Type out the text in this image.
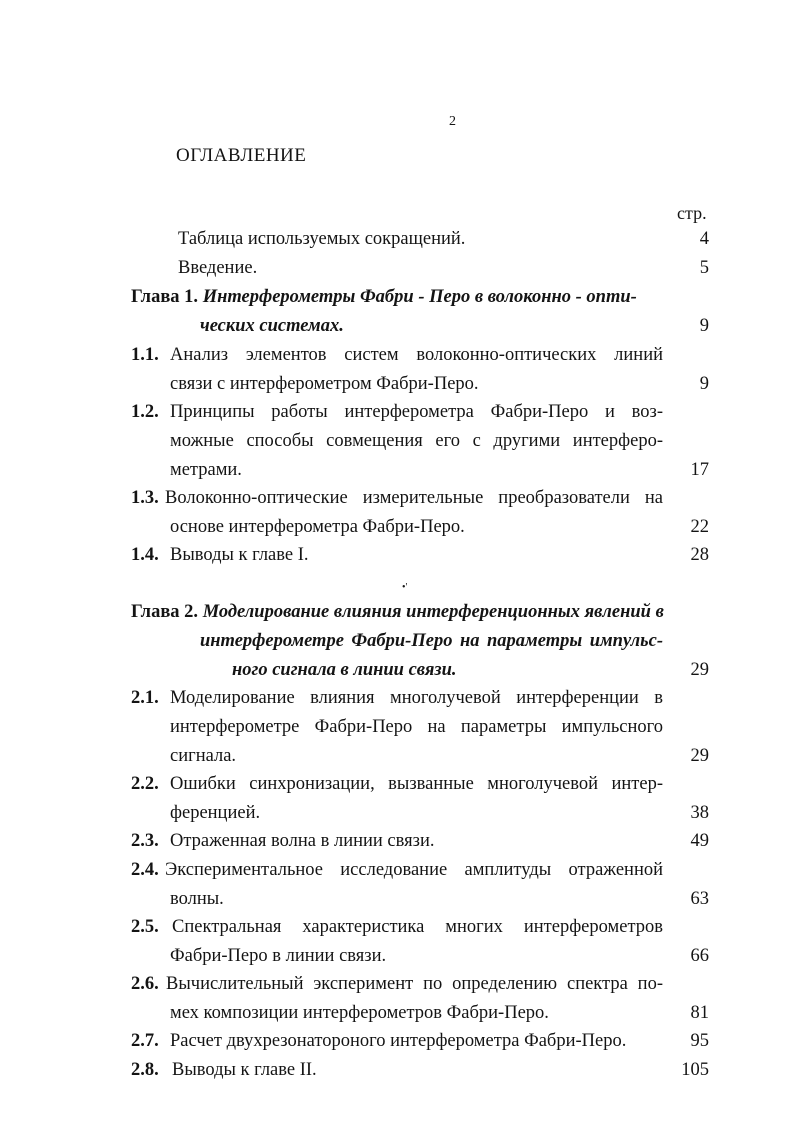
2
ОГЛАВЛЕНИЕ
стр.
•'
Таблица используемых сокращений.	4
Введение.	5
Глава 1. Интерферометры Фабри - Перо в волоконно - опти-
ческих системах.	9
1.1. Анализ элементов систем волоконно-оптических линий
связи с интерферометром Фабри-Перо.	9
1.2. Принципы работы интерферометра Фабри-Перо и воз-
можные способы совмещения его с другими интерферо-
метрами.	17
1.3. Волоконно-оптические измерительные преобразователи на
основе интерферометра Фабри-Перо.	22
1.4. Выводы к главе I.	28
Глава 2. Моделирование влияния интерференционных явлений в
интерферометре Фабри-Перо на параметры импульс-
ного сигнала в линии связи.	29
2.1. Моделирование влияния многолучевой интерференции в
интерферометре Фабри-Перо на параметры импульсного
сигнала.	29
2.2. Ошибки синхронизации, вызванные многолучевой интер-
ференцией.	38
2.3. Отраженная волна в линии связи.	49
2.4. Экспериментальное исследование амплитуды отраженной
волны.	63
2.5. Спектральная характеристика многих интерферометров
Фабри-Перо в линии связи.	66
2.6. Вычислительный эксперимент по определению спектра по-
мех композиции интерферометров Фабри-Перо.	81
2.7. Расчет двухрезонатороного интерферометра Фабри-Перо.	95
2.8. Выводы к главе II.	105
